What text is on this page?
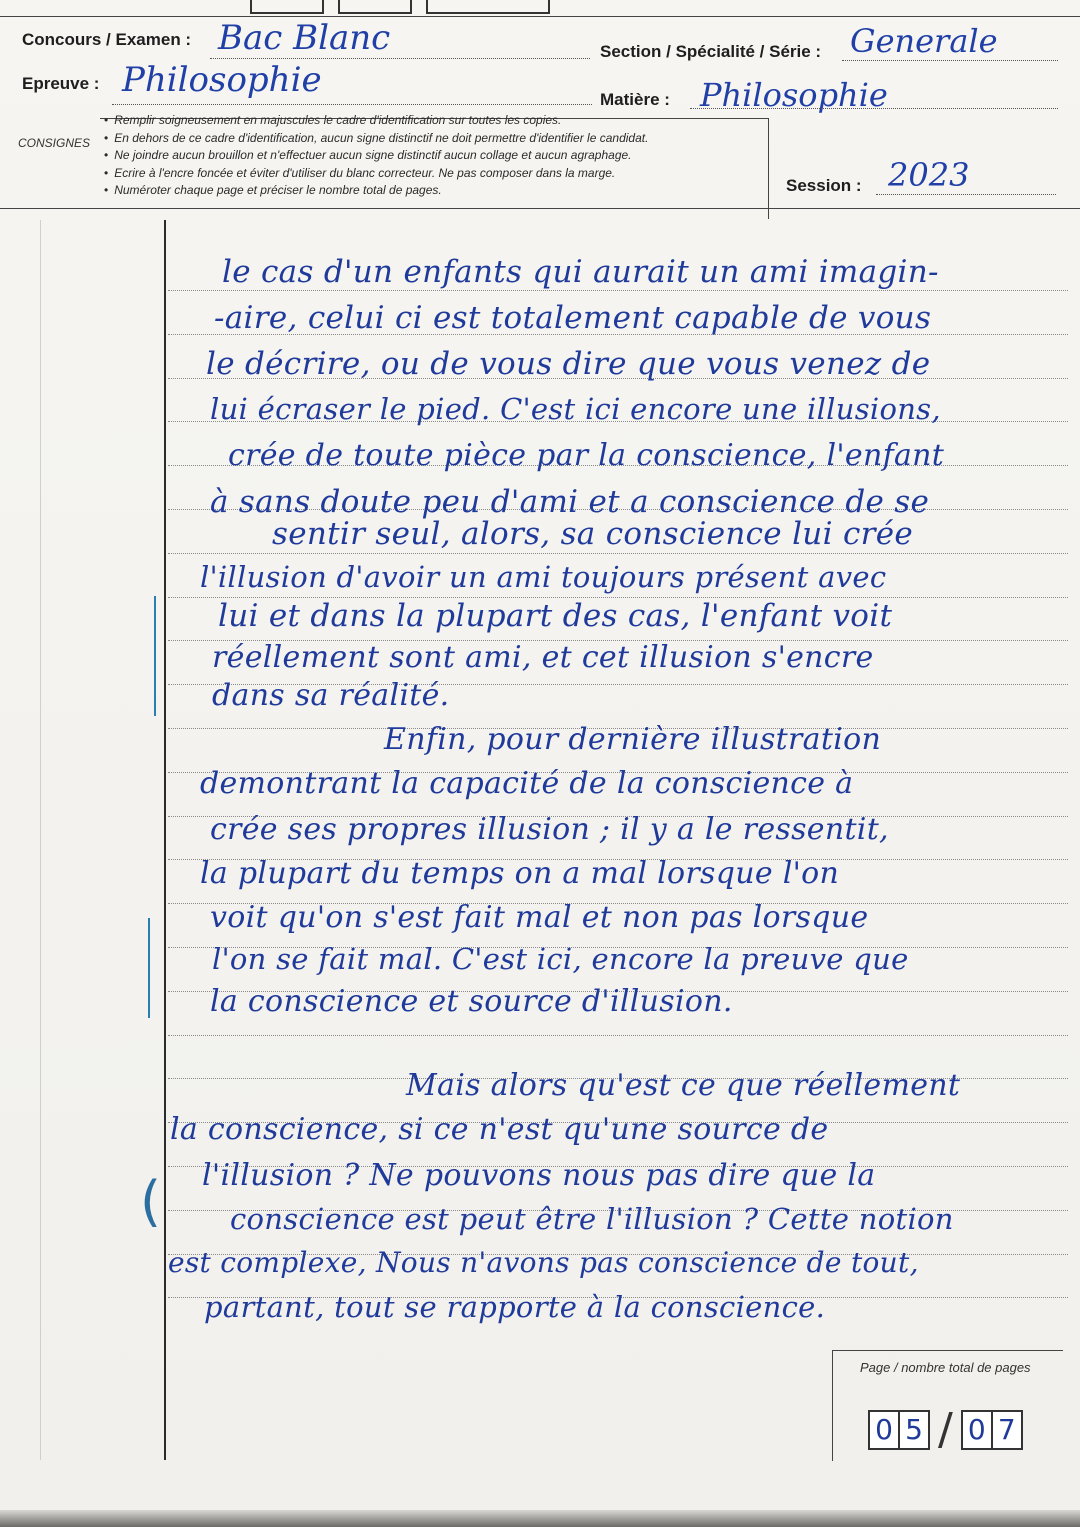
Concours / Examen : Bac Blanc	Section / Spécialité / Série : Generale
Epreuve : Philosophie	Matière : Philosophie
CONSIGNES
• Remplir soigneusement en majuscules le cadre d'identification sur toutes les copies.
• En dehors de ce cadre d'identification, aucun signe distinctif ne doit permettre d'identifier le candidat.
• Ne joindre aucun brouillon et n'effectuer aucun signe distinctif aucun collage et aucun agraphage.
• Ecrire à l'encre foncée et éviter d'utiliser du blanc correcteur. Ne pas composer dans la marge.
• Numéroter chaque page et préciser le nombre total de pages.	Session : 2023
le cas d'un enfants qui aurait un ami imagin-
-aire, celui ci est totalement capable de vous
le décrire, ou de vous dire que vous venez de
lui écraser le pied. C'est ici encore une illusions,
crée de toute pièce par la conscience, l'enfant
à sans doute peu d'ami et a conscience de se
sentir seul, alors, sa conscience lui crée
l'illusion d'avoir un ami toujours présent avec
lui et dans la plupart des cas, l'enfant voit
réellement sont ami, et cet illusion s'encre
dans sa réalité.
Enfin, pour dernière illustration
demontrant la capacité de la conscience à
crée ses propres illusion ; il y a le ressentit,
la plupart du temps on a mal lorsque l'on
voit qu'on s'est fait mal et non pas lorsque
l'on se fait mal. C'est ici, encore la preuve que
la conscience et source d'illusion.
Mais alors qu'est ce que réellement
la conscience, si ce n'est qu'une source de
l'illusion ? Ne pouvons nous pas dire que la
conscience est peut être l'illusion ? Cette notion
est complexe, Nous n'avons pas conscience de tout,
partant, tout se rapporte à la conscience.
(
Page / nombre total de pages
0 5 / 0 7
